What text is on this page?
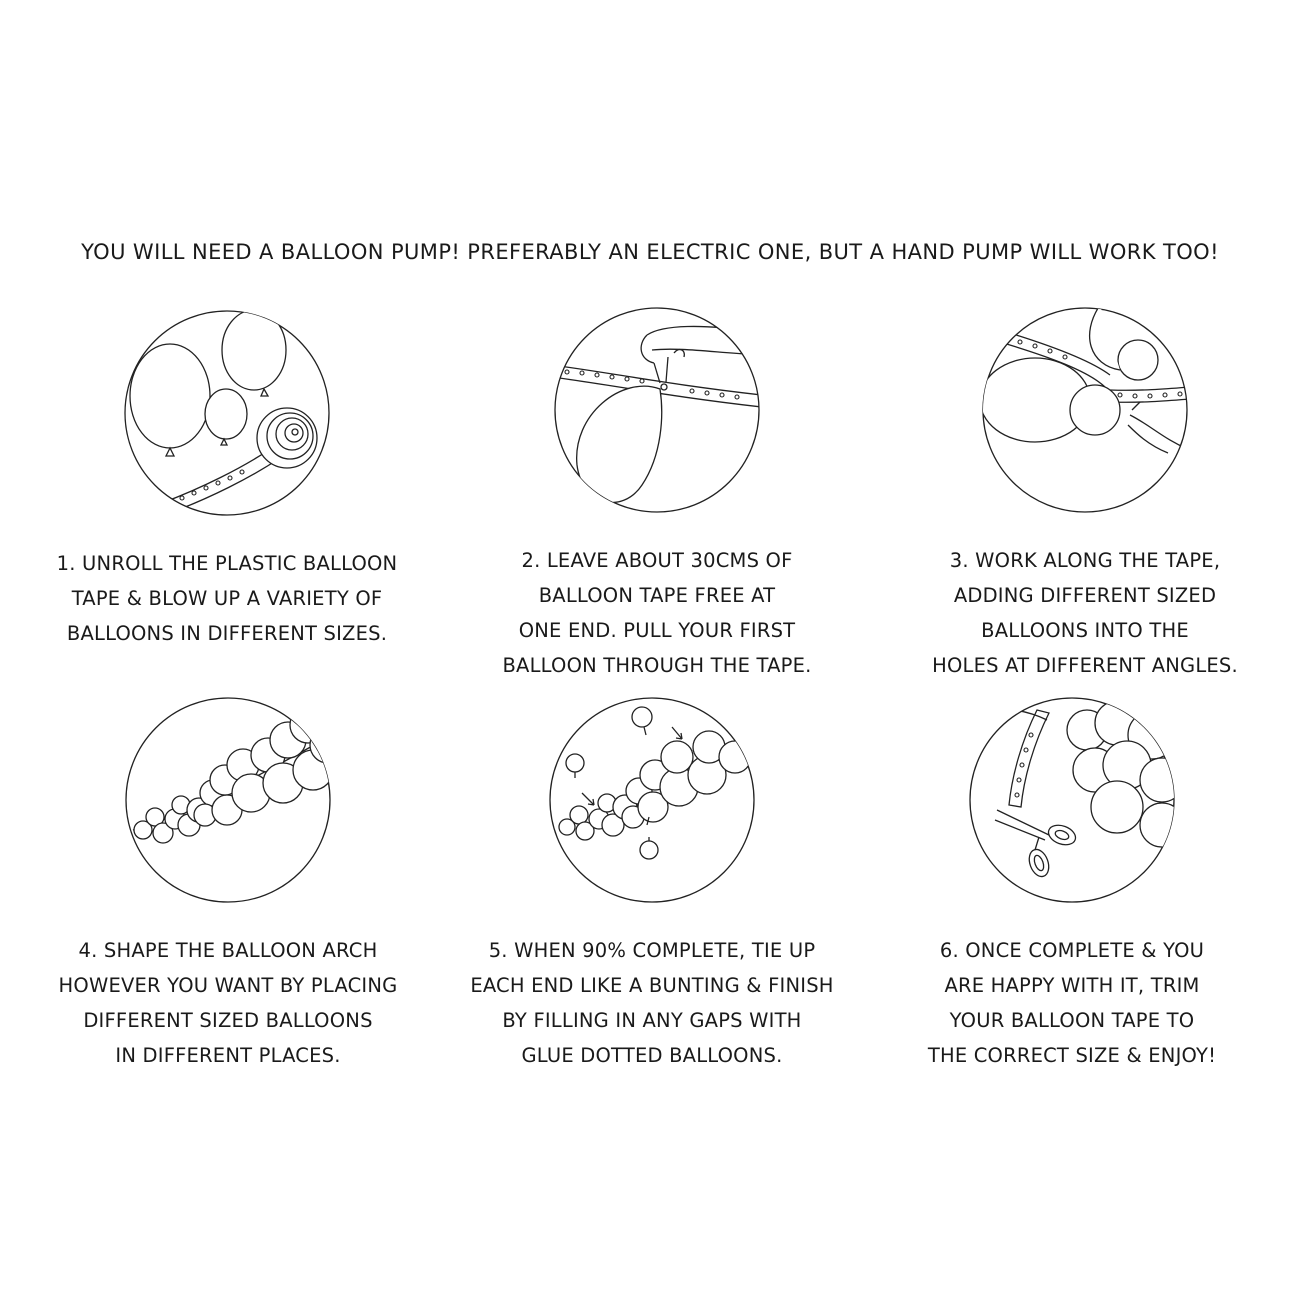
YOU WILL NEED A BALLOON PUMP! PREFERABLY AN ELECTRIC ONE, BUT A HAND PUMP WILL WORK TOO!
1. UNROLL THE PLASTIC BALLOON
TAPE & BLOW UP A VARIETY OF
BALLOONS IN DIFFERENT SIZES.
2. LEAVE ABOUT 30CMS OF
BALLOON TAPE FREE AT
ONE END. PULL YOUR FIRST
BALLOON THROUGH THE TAPE.
3. WORK ALONG THE TAPE,
ADDING DIFFERENT SIZED
BALLOONS INTO THE
HOLES AT DIFFERENT ANGLES.
4. SHAPE THE BALLOON ARCH
HOWEVER YOU WANT BY PLACING
DIFFERENT SIZED BALLOONS
IN DIFFERENT PLACES.
5. WHEN 90% COMPLETE, TIE UP
EACH END LIKE A BUNTING & FINISH
BY FILLING IN ANY GAPS WITH
GLUE DOTTED BALLOONS.
6. ONCE COMPLETE & YOU
ARE HAPPY WITH IT, TRIM
YOUR BALLOON TAPE TO
THE CORRECT SIZE & ENJOY!
